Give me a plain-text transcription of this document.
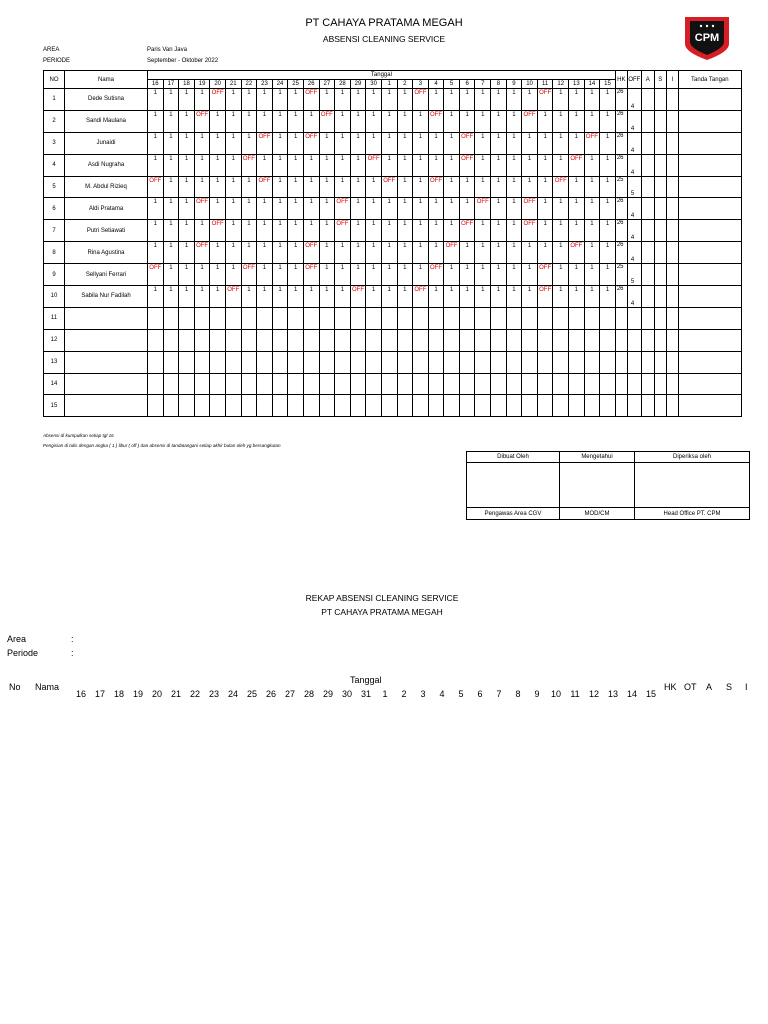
PT CAHAYA PRATAMA MEGAH
ABSENSI CLEANING SERVICE	CPM
AREA
PERIODE
Paris Van Java
September - Oktober 2022
NO	Nama	Tanggal																														HK	OFF	A	S	I	Tanda Tangan
		16	17	18	19	20	21	22	23	24	25	26	27	28	29	30	1	2	3	4	5	6	7	8	9	10	11	12	13	14	15						
1	Dede Sutisna	1	1	1	1	OFF	1	1	1	1	1	OFF	1	1	1	1	1	1	OFF	1	1	1	1	1	1	1	OFF	1	1	1	1	26	4				
2	Sandi Maulana	1	1	1	OFF	1	1	1	1	1	1	1	OFF	1	1	1	1	1	1	OFF	1	1	1	1	1	OFF	1	1	1	1	1	26	4				
3	Junaidi	1	1	1	1	1	1	1	OFF	1	1	OFF	1	1	1	1	1	1	1	1	1	OFF	1	1	1	1	1	1	1	OFF	1	26	4				
4	Asdi Nugraha	1	1	1	1	1	1	OFF	1	1	1	1	1	1	1	OFF	1	1	1	1	1	OFF	1	1	1	1	1	1	OFF	1	1	26	4				
5	M. Abdul Rizieq	OFF	1	1	1	1	1	1	OFF	1	1	1	1	1	1	1	OFF	1	1	OFF	1	1	1	1	1	1	1	OFF	1	1	1	25	5				
6	Aldi Pratama	1	1	1	OFF	1	1	1	1	1	1	1	1	OFF	1	1	1	1	1	1	1	1	OFF	1	1	OFF	1	1	1	1	1	26	4				
7	Putri Setiawati	1	1	1	1	OFF	1	1	1	1	1	1	1	OFF	1	1	1	1	1	1	1	OFF	1	1	1	OFF	1	1	1	1	1	26	4				
8	Rina Agustina	1	1	1	OFF	1	1	1	1	1	1	OFF	1	1	1	1	1	1	1	1	OFF	1	1	1	1	1	1	1	OFF	1	1	26	4				
9	Sellyani Ferrari	OFF	1	1	1	1	1	OFF	1	1	1	OFF	1	1	1	1	1	1	1	OFF	1	1	1	1	1	1	OFF	1	1	1	1	25	5				
10	Sabila Nur Fadilah	1	1	1	1	1	OFF	1	1	1	1	1	1	1	OFF	1	1	1	OFF	1	1	1	1	1	1	1	OFF	1	1	1	1	26	4				
11																																					
12																																					
13																																					
14																																					
15																																					
Absensi di kumpulkan setiap tgl 16
Pengisian di tulis dengan angka ( 1 ) libur ( off ) dan absensi di tandatangani setiap akhir bulan oleh yg bersangkutan
Dibuat Oleh	Mengetahui	Diperiksa oleh

Pengawas Area CGV	MOD/CM	Head Office PT. CPM
REKAP ABSENSI CLEANING SERVICE
PT CAHAYA PRATAMA MEGAH
Area	:
Periode	:
Tanggal
No Nama
16 17 18 19 20 21 22 23 24 25 26 27 28 29 30 31	1	2	3	4	5	6	7	8	9	10	11	12 13 14 15
HK OT A S I
